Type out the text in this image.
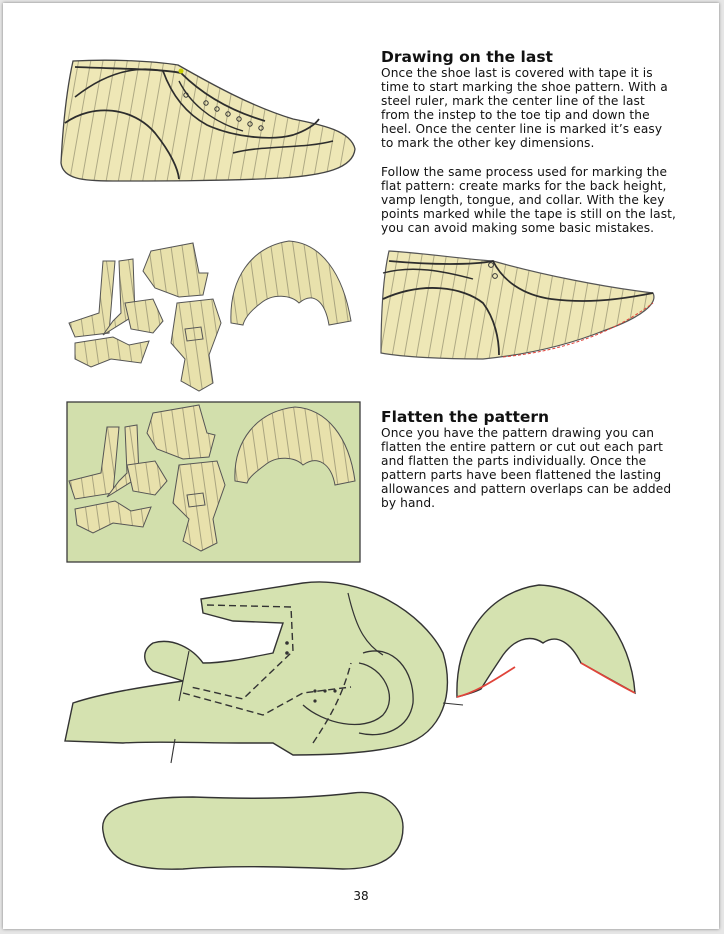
Drawing on the last

Once the shoe last is covered with tape it is time to start marking the shoe pattern. With a steel ruler, mark the center line of the last from the instep to the toe tip and down the heel. Once the center line is marked it’s easy to mark the other key dimensions.

Follow the same process used for marking the flat pattern: create marks for the back height, vamp length, tongue, and collar. With the key points marked while the tape is still on the last, you can avoid making some basic mistakes.

Flatten the pattern

Once you have the pattern drawing you can flatten the entire pattern or cut out each part and flatten the parts individually. Once the pattern parts have been flattened the lasting allowances and pattern overlaps can be added by hand.

38
